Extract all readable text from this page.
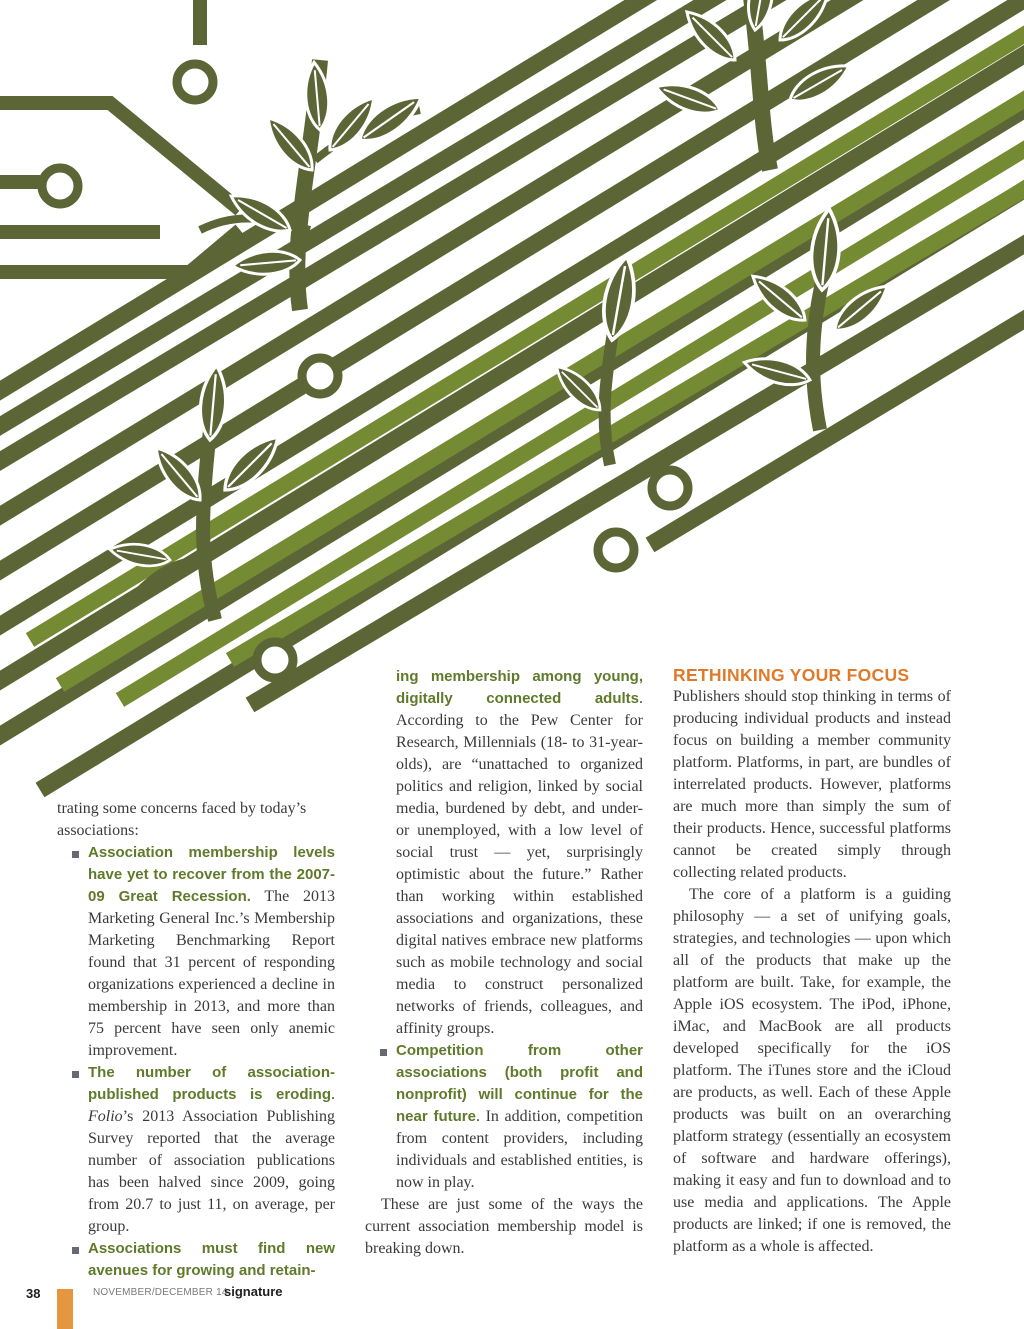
trating some concerns faced by today’s associations:

Association membership levels have yet to recover from the 2007-09 Great Recession. The 2013 Marketing General Inc.’s Membership Marketing Benchmarking Report found that 31 percent of responding organizations experienced a decline in membership in 2013, and more than 75 percent have seen only anemic improvement.

The number of association-published products is eroding. Folio’s 2013 Association Publishing Survey reported that the average number of association publications has been halved since 2009, going from 20.7 to just 11, on average, per group.

Associations must find new avenues for growing and retain-

ing membership among young, digitally connected adults. According to the Pew Center for Research, Millennials (18- to 31-year-olds), are “unattached to organized politics and religion, linked by social media, burdened by debt, and under- or unemployed, with a low level of social trust — yet, surprisingly optimistic about the future.” Rather than working within established associations and organizations, these digital natives embrace new platforms such as mobile technology and social media to construct personalized networks of friends, colleagues, and affinity groups.

Competition from other associations (both profit and nonprofit) will continue for the near future. In addition, competition from content providers, including individuals and established entities, is now in play.

These are just some of the ways the current association membership model is breaking down.

RETHINKING YOUR FOCUS

Publishers should stop thinking in terms of producing individual products and instead focus on building a member community platform. Platforms, in part, are bundles of interrelated products. However, platforms are much more than simply the sum of their products. Hence, successful platforms cannot be created simply through collecting related products.

The core of a platform is a guiding philosophy — a set of unifying goals, strategies, and technologies — upon which all of the products that make up the platform are built. Take, for example, the Apple iOS ecosystem. The iPod, iPhone, iMac, and MacBook are all products developed specifically for the iOS platform. The iTunes store and the iCloud are products, as well. Each of these Apple products was built on an overarching platform strategy (essentially an ecosystem of software and hardware offerings), making it easy and fun to download and to use media and applications. The Apple products are linked; if one is removed, the platform as a whole is affected.

38	NOVEMBER/DECEMBER 14
signature
